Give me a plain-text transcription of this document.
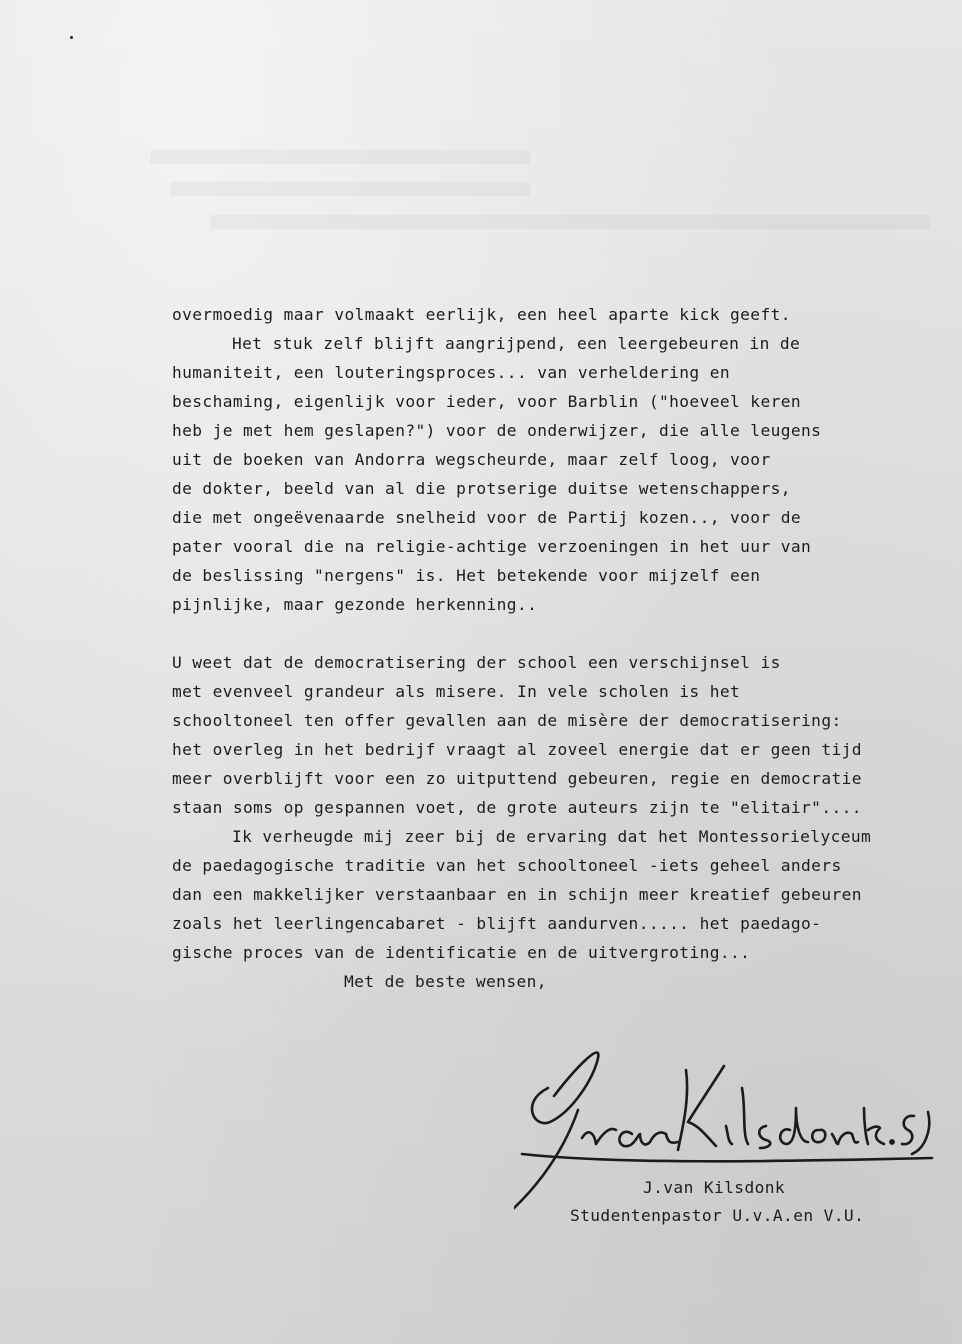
overmoedig maar volmaakt eerlijk, een heel aparte kick geeft.
Het stuk zelf blijft aangrijpend, een leergebeuren in de
humaniteit, een louteringsproces... van verheldering en
beschaming, eigenlijk voor ieder, voor Barblin ("hoeveel keren
heb je met hem geslapen?") voor de onderwijzer, die alle leugens
uit de boeken van Andorra wegscheurde, maar zelf loog, voor
de dokter, beeld van al die protserige duitse wetenschappers,
die met ongeëvenaarde snelheid voor de Partij kozen.., voor de
pater vooral die na religie-achtige verzoeningen in het uur van
de beslissing "nergens" is. Het betekende voor mijzelf een
pijnlijke, maar gezonde herkenning..
U weet dat de democratisering der school een verschijnsel is
met evenveel grandeur als misere. In vele scholen is het
schooltoneel ten offer gevallen aan de misère der democratisering:
het overleg in het bedrijf vraagt al zoveel energie dat er geen tijd
meer overblijft voor een zo uitputtend gebeuren, regie en democratie
staan soms op gespannen voet, de grote auteurs zijn te "elitair"....
Ik verheugde mij zeer bij de ervaring dat het Montessorielyceum
de paedagogische traditie van het schooltoneel -iets geheel anders
dan een makkelijker verstaanbaar en in schijn meer kreatief gebeuren
zoals het leerlingencabaret - blijft aandurven..... het paedago-
gische proces van de identificatie en de uitvergroting...
Met de beste wensen,
J.van Kilsdonk
Studentenpastor U.v.A.en V.U.
